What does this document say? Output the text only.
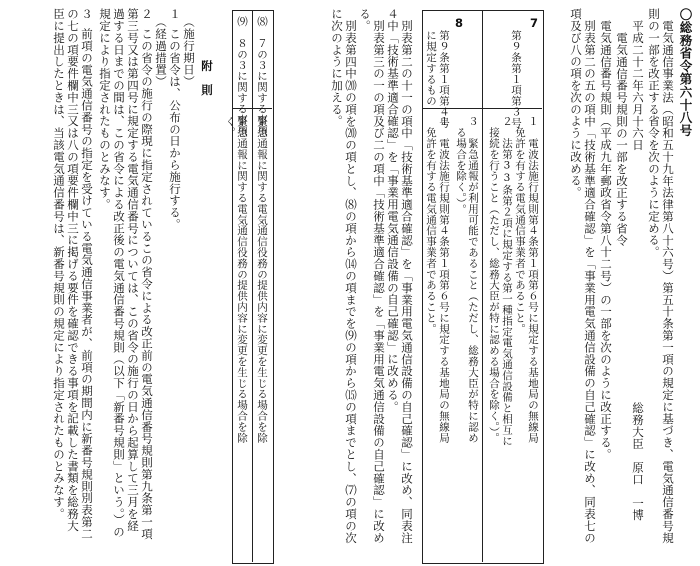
〇総務省令第六十八号
電気通信事業法（昭和五十九年法律第八十六号）第五十条第一項の規定に基づき、電気通信番号規
則の一部を改正する省令を次のように定める。
平成二十二年六月十六日
総務大臣　原口　一博
電気通信番号規則の一部を改正する省令
電気通信番号規則（平成九年郵政省令第八十二号）の一部を次のように改正する。
別表第二の五の項中「技術基準適合確認」を「事業用電気通信設備の自己確認」に改め、同表七の
項及び八の項を次のように改める。
7
第９条第１項第３号
１　電波法施行規則第４条第１項第６号に規定する基地局の無線局
　免許を有する電気通信事業者であること。
２　法第33条第２項に規定する第一種指定電気通信設備と相互に
　接続を行うこと（ただし、総務大臣が特に認める場合を除く。）。
３　緊急通報が利用可能であること（ただし、総務大臣が特に認め
　る場合を除く。）。
8
第９条第１項第４号
に規定するもの
別表第二の十一の項中「技術基準適合確認」を「事業用電気通信設備の自己確認」に改め、同表注
４中「技術基準適合確認」を「事業用電気通信設備の自己確認」に改める。
別表第三の一の項及び二の項中「技術基準適合確認」を「事業用電気通信設備の自己確認」に改め
る。
別表第四中⒇の項を⒇の項とし、⑻の項から⒁の項までを⑼の項から⒂の項までとし、⑺の項の次
に次のように加える。
⑻　７の３に関する事項
緊急通報に関する電気通信役務の提供内容に変更を生じる場合を除
⑼　８の３に関する事項
緊急通報に関する電気通信役務の提供内容に変更を生じる場合を除
く。
附　則
（施行期日）
１
この省令は、公布の日から施行する。
（経過措置）
２
この省令の施行の際現に指定されているこの省令による改正前の電気通信番号規則第九条第一項
第三号又は第四号に規定する電気通信番号については、この省令の施行の日から起算して三月を経
過する日までの間は、この省令による改正後の電気通信番号規則（以下「新番号規則」という。）の
規定により指定されたものとみなす。
３
前項の電気通信番号の指定を受けている電気通信事業者が、前項の期間内に新番号規則別表第二
の七の項要件欄中三又は八の項要件欄中三に掲げる要件を確認できる事項を記載した書類を総務大
臣に提出したときは、当該電気通信番号は、新番号規則の規定により指定されたものとみなす。	１　電波法施行規則第４条第１項第６号に規定する基地局の無線局
　免許を有する電気通信事業者であること。
